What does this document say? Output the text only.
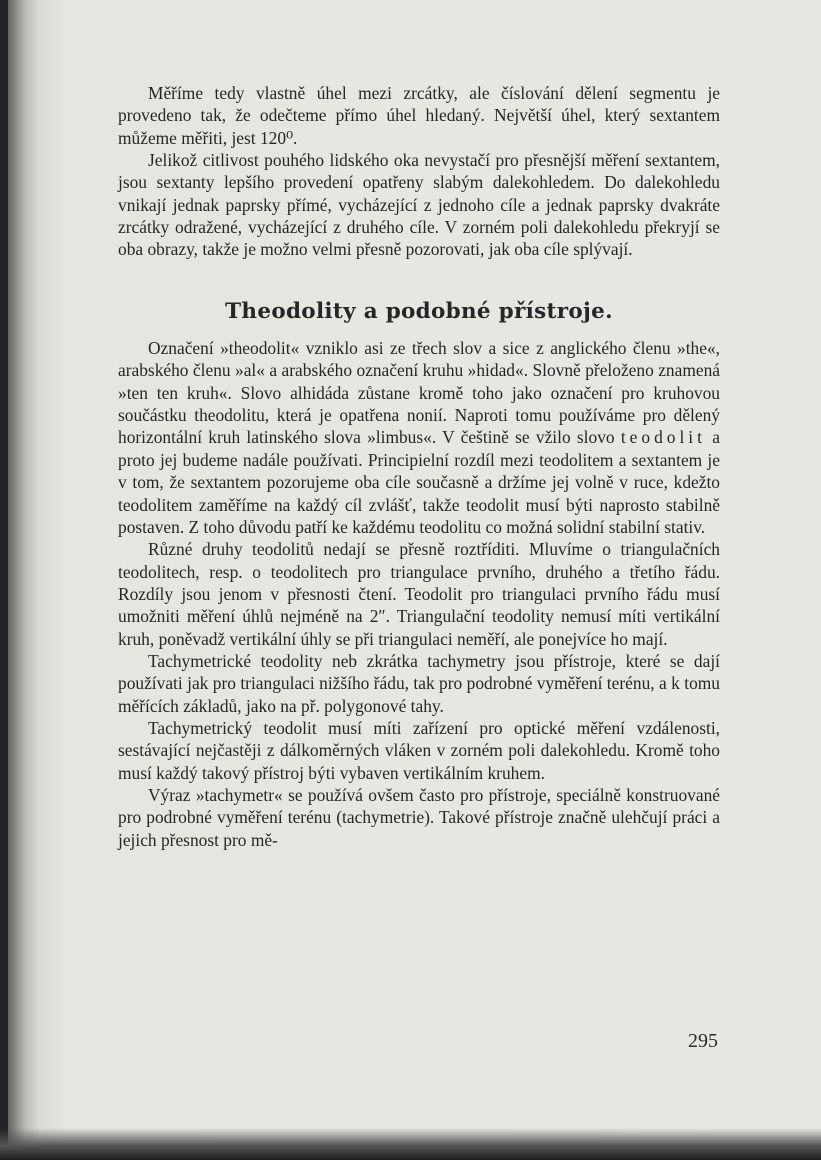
Měříme tedy vlastně úhel mezi zrcátky, ale číslování dělení segmentu je provedeno tak, že odečteme přímo úhel hledaný. Největší úhel, který sextantem můžeme měřiti, jest 120⁰.

Jelikož citlivost pouhého lidského oka nevystačí pro přesnější měření sextantem, jsou sextanty lepšího provedení opatřeny slabým dalekohledem. Do dalekohledu vnikají jednak paprsky přímé, vycházející z jednoho cíle a jednak paprsky dvakráte zrcátky odražené, vycházející z druhého cíle. V zorném poli dalekohledu překryjí se oba obrazy, takže je možno velmi přesně pozorovati, jak oba cíle splývají.

Theodolity a podobné přístroje.

Označení »theodolit« vzniklo asi ze třech slov a sice z anglického členu »the«, arabského členu »al« a arabského označení kruhu »hidad«. Slovně přeloženo znamená »ten ten kruh«. Slovo alhidáda zůstane kromě toho jako označení pro kruhovou součástku theodolitu, která je opatřena nonií. Naproti tomu používáme pro dělený horizontální kruh latinského slova »limbus«. V češtině se vžilo slovo teodolit a proto jej budeme nadále používati. Principielní rozdíl mezi teodolitem a sextantem je v tom, že sextantem pozorujeme oba cíle současně a držíme jej volně v ruce, kdežto teodolitem zaměříme na každý cíl zvlášť, takže teodolit musí býti naprosto stabilně postaven. Z toho důvodu patří ke každému teodolitu co možná solidní stabilní stativ.

Různé druhy teodolitů nedají se přesně roztříditi. Mluvíme o triangulačních teodolitech, resp. o teodolitech pro triangulace prvního, druhého a třetího řádu. Rozdíly jsou jenom v přesnosti čtení. Teodolit pro triangulaci prvního řádu musí umožniti měření úhlů nejméně na 2″. Triangulační teodolity nemusí míti vertikální kruh, poněvadž vertikální úhly se při triangulaci neměří, ale ponejvíce ho mají.

Tachymetrické teodolity neb zkrátka tachymetry jsou přístroje, které se dají používati jak pro triangulaci nižšího řádu, tak pro podrobné vyměření terénu, a k tomu měřících základů, jako na př. polygonové tahy.

Tachymetrický teodolit musí míti zařízení pro optické měření vzdálenosti, sestávající nejčastěji z dálkoměrných vláken v zorném poli dalekohledu. Kromě toho musí každý takový přístroj býti vybaven vertikálním kruhem.

Výraz »tachymetr« se používá ovšem často pro přístroje, speciálně konstruované pro podrobné vyměření terénu (tachymetrie). Takové přístroje značně ulehčují práci a jejich přesnost pro mě-

295
